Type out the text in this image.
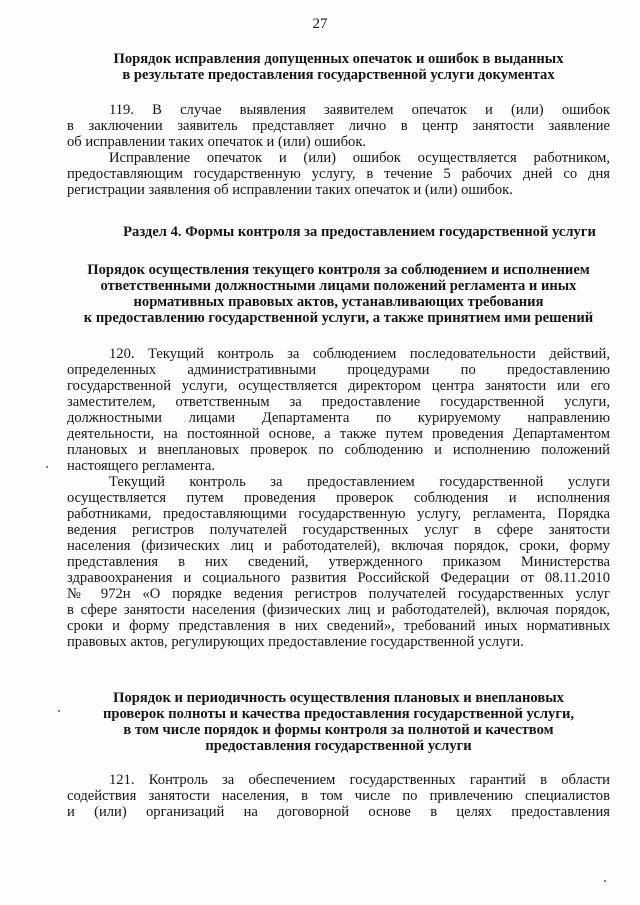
27
Порядок исправления допущенных опечаток и ошибок в выданных
в результате предоставления государственной услуги документах
119. В случае выявления заявителем опечаток и (или) ошибок
в заключении заявитель представляет лично в центр занятости заявление
об исправлении таких опечаток и (или) ошибок.
Исправление опечаток и (или) ошибок осуществляется работником,
предоставляющим государственную услугу, в течение 5 рабочих дней со дня
регистрации заявления об исправлении таких опечаток и (или) ошибок.
Раздел 4. Формы контроля за предоставлением государственной услуги
Порядок осуществления текущего контроля за соблюдением и исполнением
ответственными должностными лицами положений регламента и иных
нормативных правовых актов, устанавливающих требования
к предоставлению государственной услуги, а также принятием ими решений
120. Текущий контроль за соблюдением последовательности действий,
определенных административными процедурами по предоставлению
государственной услуги, осуществляется директором центра занятости или его
заместителем, ответственным за предоставление государственной услуги,
должностными лицами Департамента по курируемому направлению
деятельности, на постоянной основе, а также путем проведения Департаментом
плановых и внеплановых проверок по соблюдению и исполнению положений
настоящего регламента.
Текущий контроль за предоставлением государственной услуги
осуществляется путем проведения проверок соблюдения и исполнения
работниками, предоставляющими государственную услугу, регламента, Порядка
ведения регистров получателей государственных услуг в сфере занятости
населения (физических лиц и работодателей), включая порядок, сроки, форму
представления в них сведений, утвержденного приказом Министерства
здравоохранения и социального развития Российской Федерации от 08.11.2010
№ 972н «О порядке ведения регистров получателей государственных услуг
в сфере занятости населения (физических лиц и работодателей), включая порядок,
сроки и форму представления в них сведений», требований иных нормативных
правовых актов, регулирующих предоставление государственной услуги.
Порядок и периодичность осуществления плановых и внеплановых
проверок полноты и качества предоставления государственной услуги,
в том числе порядок и формы контроля за полнотой и качеством
предоставления государственной услуги
121. Контроль за обеспечением государственных гарантий в области
содействия занятости населения, в том числе по привлечению специалистов
и (или) организаций на договорной основе в целях предоставления
